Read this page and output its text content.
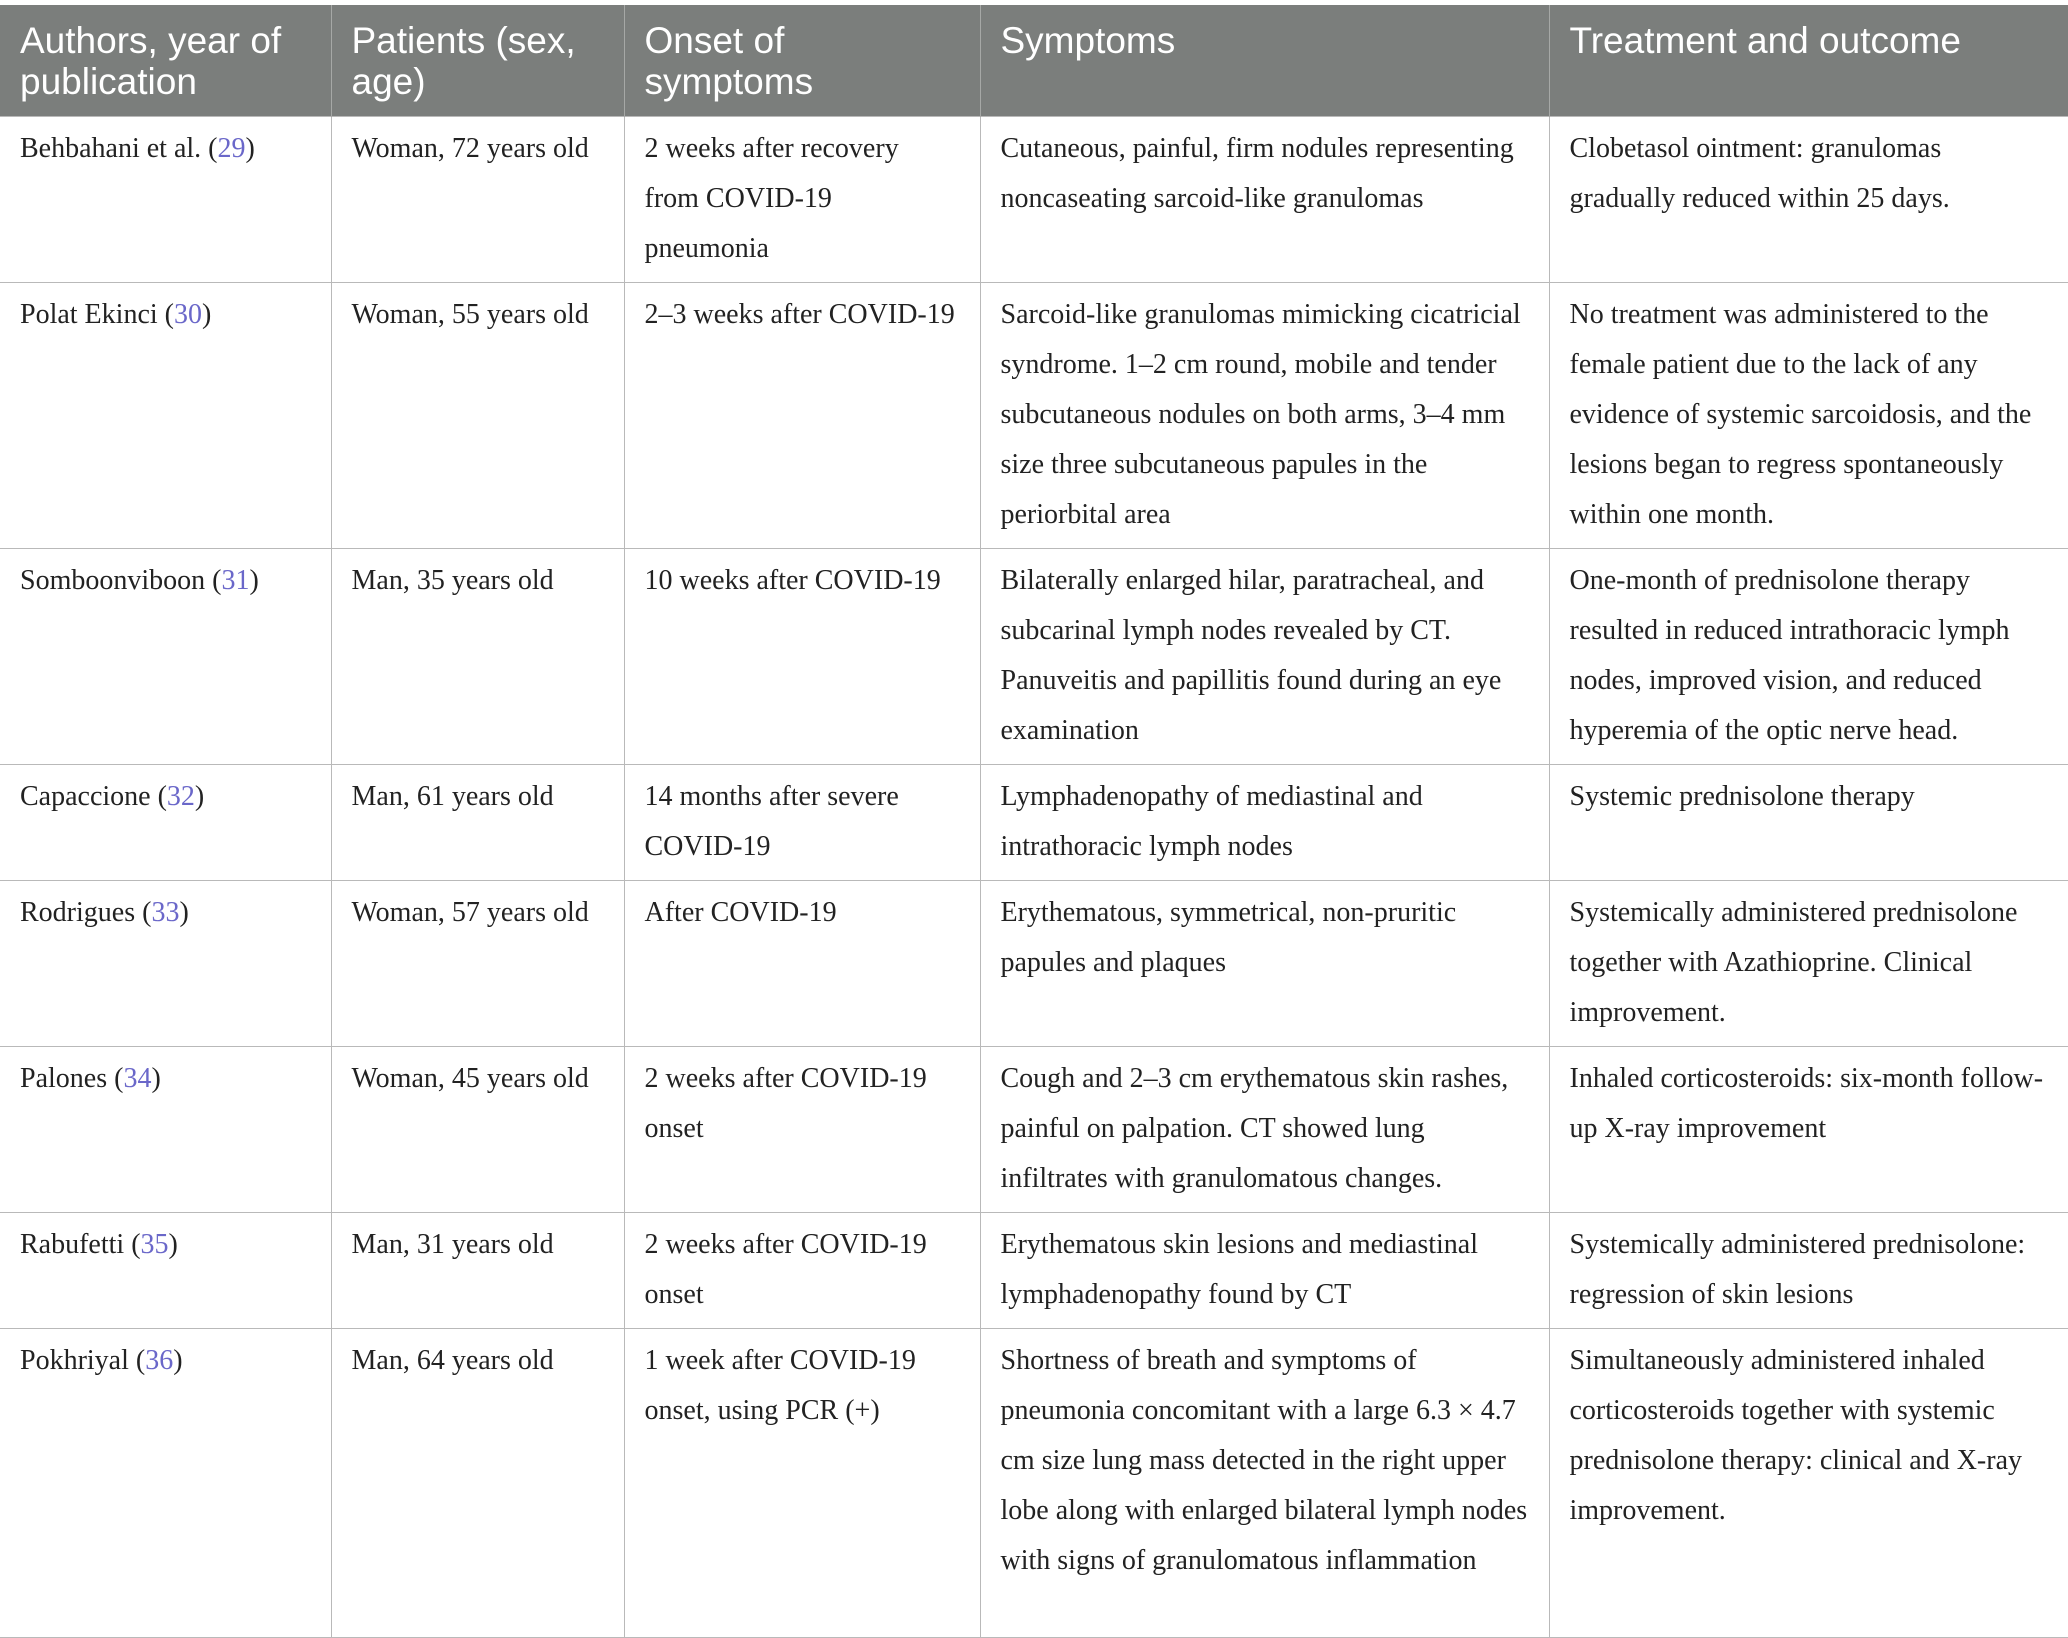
Authors, year of publication	Patients (sex, age)	Onset of symptoms	Symptoms	Treatment and outcome
Behbahani et al. (29)	Woman, 72 years old	2 weeks after recovery from COVID-19 pneumonia	Cutaneous, painful, firm nodules representing noncaseating sarcoid-like granulomas	Clobetasol ointment: granulomas gradually reduced within 25 days.
Polat Ekinci (30)	Woman, 55 years old	2–3 weeks after COVID-19	Sarcoid-like granulomas mimicking cicatricial syndrome. 1–2 cm round, mobile and tender subcutaneous nodules on both arms, 3–4 mm size three subcutaneous papules in the periorbital area	No treatment was administered to the female patient due to the lack of any evidence of systemic sarcoidosis, and the lesions began to regress spontaneously within one month.
Somboonviboon (31)	Man, 35 years old	10 weeks after COVID-19	Bilaterally enlarged hilar, paratracheal, and subcarinal lymph nodes revealed by CT. Panuveitis and papillitis found during an eye examination	One-month of prednisolone therapy resulted in reduced intrathoracic lymph nodes, improved vision, and reduced hyperemia of the optic nerve head.
Capaccione (32)	Man, 61 years old	14 months after severe COVID-19	Lymphadenopathy of mediastinal and intrathoracic lymph nodes	Systemic prednisolone therapy
Rodrigues (33)	Woman, 57 years old	After COVID-19	Erythematous, symmetrical, non-pruritic papules and plaques	Systemically administered prednisolone together with Azathioprine. Clinical improvement.
Palones (34)	Woman, 45 years old	2 weeks after COVID-19 onset	Cough and 2–3 cm erythematous skin rashes, painful on palpation. CT showed lung infiltrates with granulomatous changes.	Inhaled corticosteroids: six-month follow-up X-ray improvement
Rabufetti (35)	Man, 31 years old	2 weeks after COVID-19 onset	Erythematous skin lesions and mediastinal lymphadenopathy found by CT	Systemically administered prednisolone: regression of skin lesions
Pokhriyal (36)	Man, 64 years old	1 week after COVID-19 onset, using PCR (+)	Shortness of breath and symptoms of pneumonia concomitant with a large 6.3 × 4.7 cm size lung mass detected in the right upper lobe along with enlarged bilateral lymph nodes with signs of granulomatous inflammation	Simultaneously administered inhaled corticosteroids together with systemic prednisolone therapy: clinical and X-ray improvement.
